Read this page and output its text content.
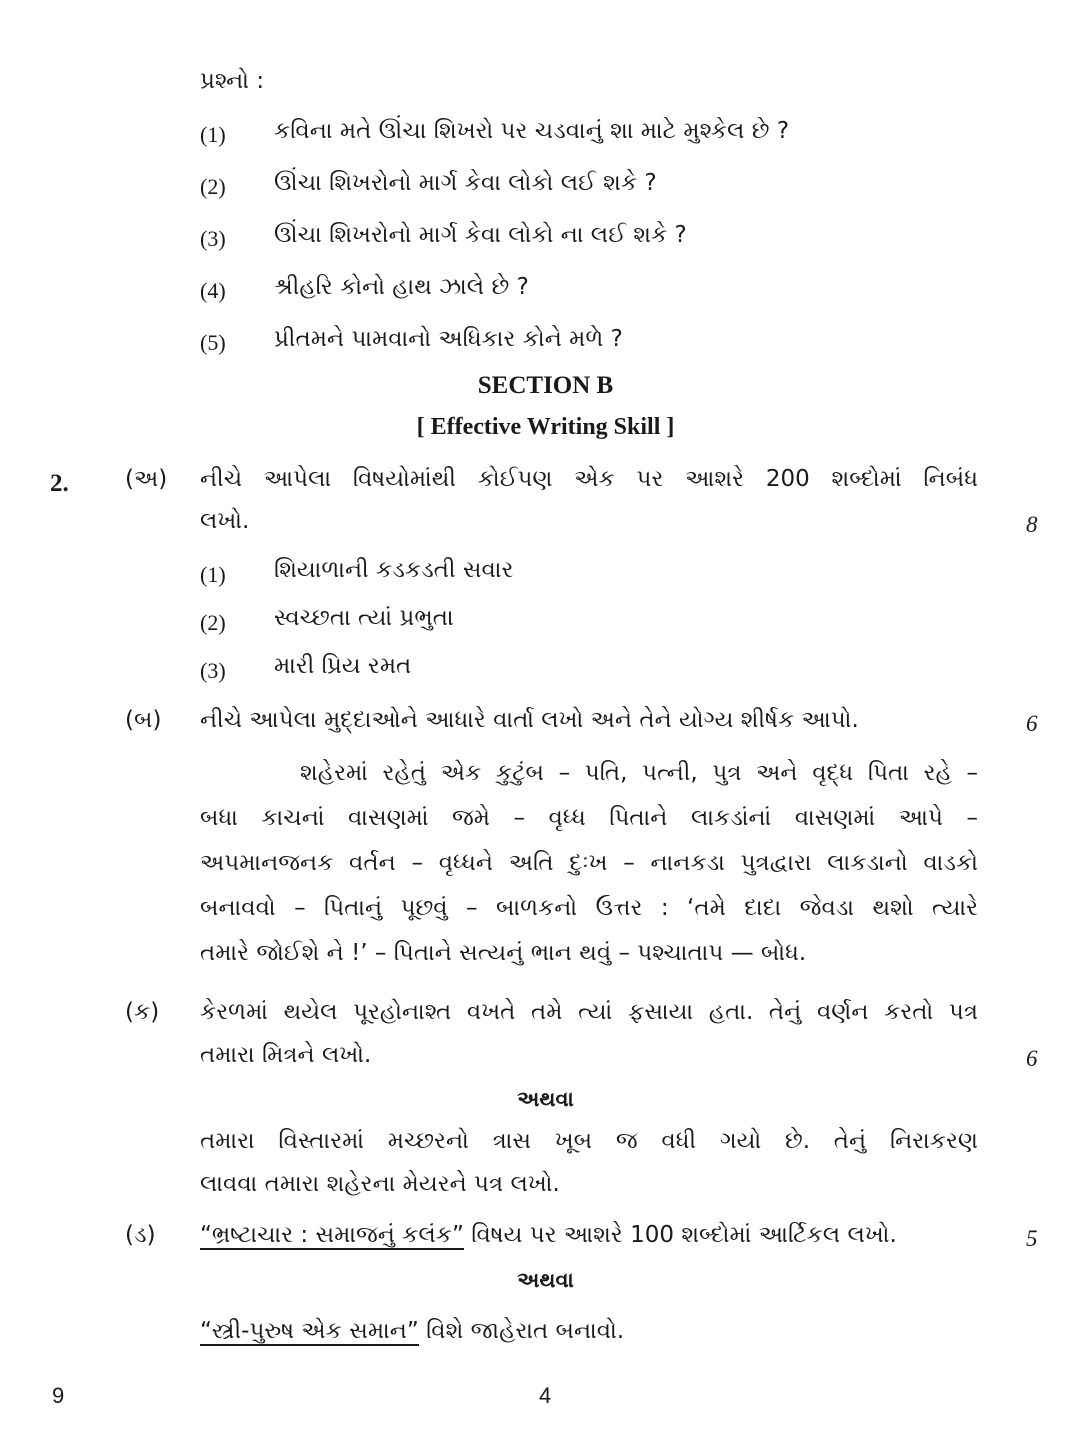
પ્રશ્નો :
(1) કવિના મતે ઊંચા શિખરો પર ચડવાનું શા માટે મુશ્કેલ છે ?
(2) ઊંચા શિખરોનો માર્ગ કેવા લોકો લઈ શકે ?
(3) ઊંચા શિખરોનો માર્ગ કેવા લોકો ના લઈ શકે ?
(4) શ્રીહરિ કોનો હાથ ઝાલે છે ?
(5) પ્રીતમને પામવાનો અધિકાર કોને મળે ?
SECTION B
[ Effective Writing Skill ]
2. (અ) નીચે આપેલા વિષયોમાંથી કોઈપણ એક પર આશરે 200 શબ્દોમાં નિબંધ
લખો.	8
(1) શિયાળાની કડકડતી સવાર
(2) સ્વચ્છતા ત્યાં પ્રભુતા
(3) મારી પ્રિય રમત
(બ) નીચે આપેલા મુદ્દાઓને આધારે વાર્તા લખો અને તેને યોગ્ય શીર્ષક આપો.	6
શહેરમાં રહેતું એક કુટુંબ – પતિ, પત્ની, પુત્ર અને વૃદ્ધ પિતા રહે –
બધા કાચનાં વાસણમાં જમે – વૃધ્ધ પિતાને લાકડાંનાં વાસણમાં આપે –
અપમાનજનક વર્તન – વૃધ્ધને અતિ દુઃખ – નાનકડા પુત્રદ્વારા લાકડાનો વાડકો
બનાવવો – પિતાનું પૂછવું – બાળકનો ઉત્તર : ‘તમે દાદા જેવડા થશો ત્યારે
તમારે જોઈશે ને !’ – પિતાને સત્યનું ભાન થવું – પશ્ચાતાપ — બોધ.
(ક) કેરળમાં થયેલ પૂરહોનાશ્ત વખતે તમે ત્યાં ફસાયા હતા. તેનું વર્ણન કરતો પત્ર
તમારા મિત્રને લખો.	6
અથવા
તમારા વિસ્તારમાં મચ્છરનો ત્રાસ ખૂબ જ વધી ગયો છે. તેનું નિરાકરણ
લાવવા તમારા શહેરના મેયરને પત્ર લખો.
(ડ) “ભ્રષ્ટાચાર : સમાજનું કલંક” વિષય પર આશરે 100 શબ્દોમાં આર્ટિકલ લખો.	5
અથવા
“સ્ત્રી-પુરુષ એક સમાન” વિશે જાહેરાત બનાવો.
9	4
